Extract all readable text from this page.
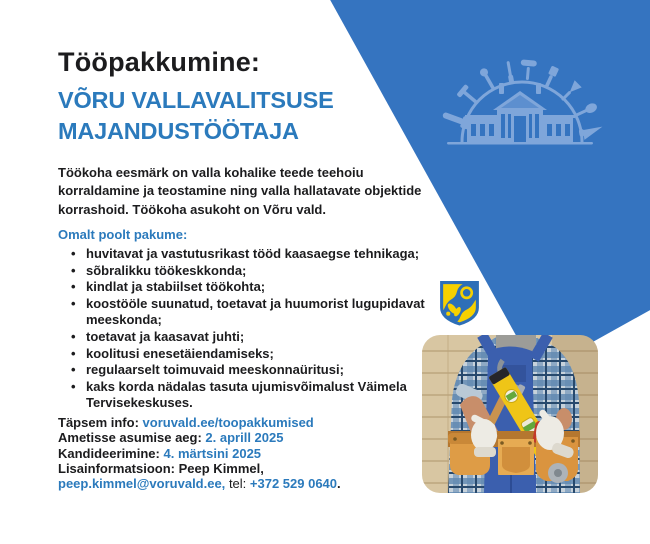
Tööpakkumine:
VÕRU VALLAVALITSUSE
MAJANDUSTÖÖTAJA
Töökoha eesmärk on valla kohalike teede teehoiu
korraldamine ja teostamine ning valla hallatavate objektide
korrashoid. Töökoha asukoht on Võru vald.

Omalt poolt pakume:

• huvitavat ja vastutusrikast tööd kaasaegse tehnikaga;
• sõbralikku töökeskkonda;
• kindlat ja stabiilset töökohta;
• koostööle suunatud, toetavat ja huumorist lugupidavat
meeskonda;
• toetavat ja kaasavat juhti;
• koolitusi enesetäiendamiseks;
• regulaarselt toimuvaid meeskonnaüritusi;
• kaks korda nädalas tasuta ujumisvõimalust Väimela
Tervisekeskuses.

Täpsem info: voruvald.ee/toopakkumised

Ametisse asumise aeg: 2. aprill 2025

Kandideerimine: 4. märtsini 2025

Lisainformatsioon: Peep Kimmel,

peep.kimmel@voruvald.ee, tel: +372 529 0640.
